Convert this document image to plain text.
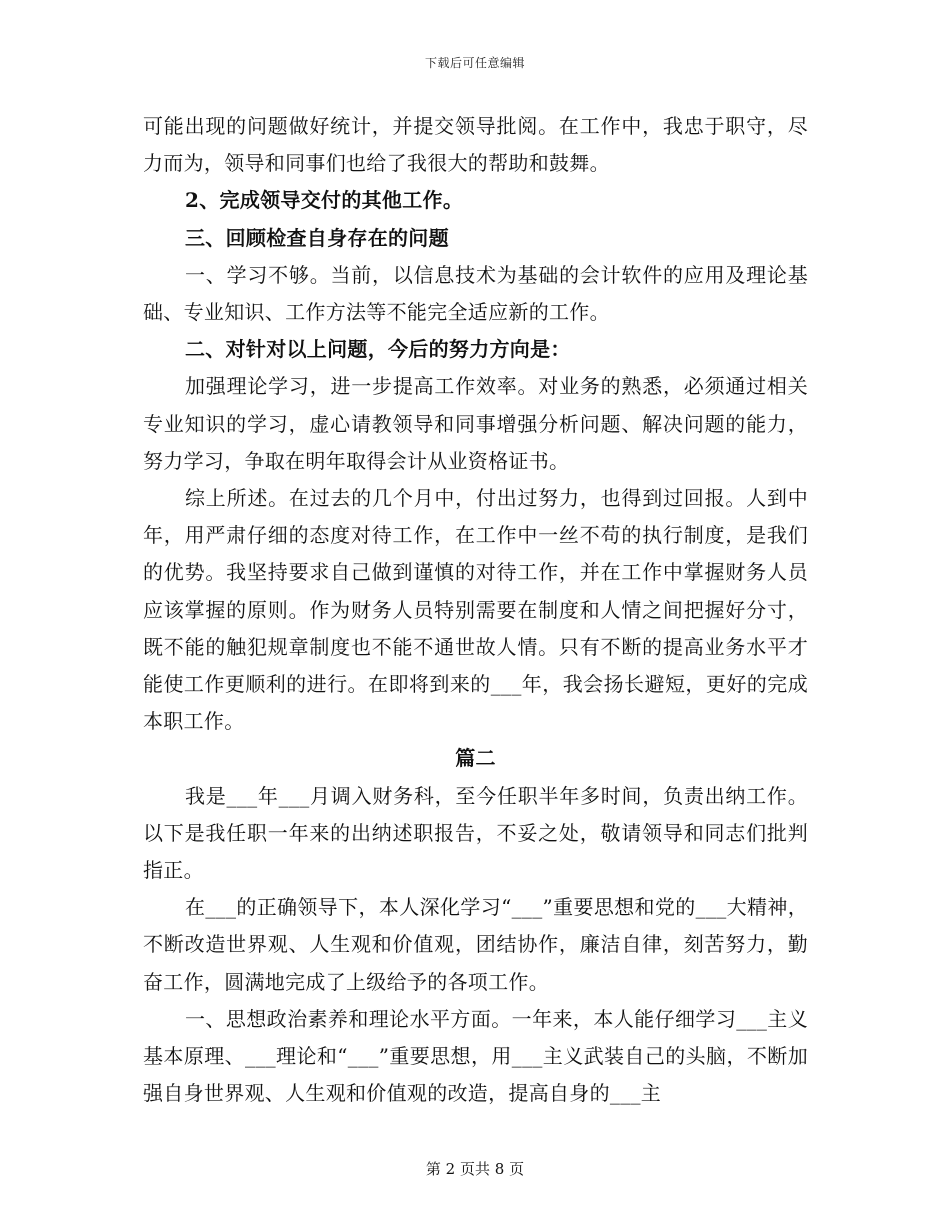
下载后可任意编辑

可能出现的问题做好统计，并提交领导批阅。在工作中，我忠于职守，尽力而为，领导和同事们也给了我很大的帮助和鼓舞。

2、完成领导交付的其他工作。

三、回顾检查自身存在的问题

一、学习不够。当前，以信息技术为基础的会计软件的应用及理论基础、专业知识、工作方法等不能完全适应新的工作。

二、对针对以上问题，今后的努力方向是：

加强理论学习，进一步提高工作效率。对业务的熟悉，必须通过相关专业知识的学习，虚心请教领导和同事增强分析问题、解决问题的能力，努力学习，争取在明年取得会计从业资格证书。

综上所述。在过去的几个月中，付出过努力，也得到过回报。人到中年，用严肃仔细的态度对待工作，在工作中一丝不苟的执行制度，是我们的优势。我坚持要求自己做到谨慎的对待工作，并在工作中掌握财务人员应该掌握的原则。作为财务人员特别需要在制度和人情之间把握好分寸，既不能的触犯规章制度也不能不通世故人情。只有不断的提高业务水平才能使工作更顺利的进行。在即将到来的___年，我会扬长避短，更好的完成本职工作。

篇二

我是___年___月调入财务科，至今任职半年多时间，负责出纳工作。以下是我任职一年来的出纳述职报告，不妥之处，敬请领导和同志们批判指正。

在___的正确领导下，本人深化学习“___”重要思想和党的___大精神，不断改造世界观、人生观和价值观，团结协作，廉洁自律，刻苦努力，勤奋工作，圆满地完成了上级给予的各项工作。

一、思想政治素养和理论水平方面。一年来，本人能仔细学习___主义基本原理、___理论和“___”重要思想，用___主义武装自己的头脑，不断加强自身世界观、人生观和价值观的改造，提高自身的___主

第 2 页共 8 页
